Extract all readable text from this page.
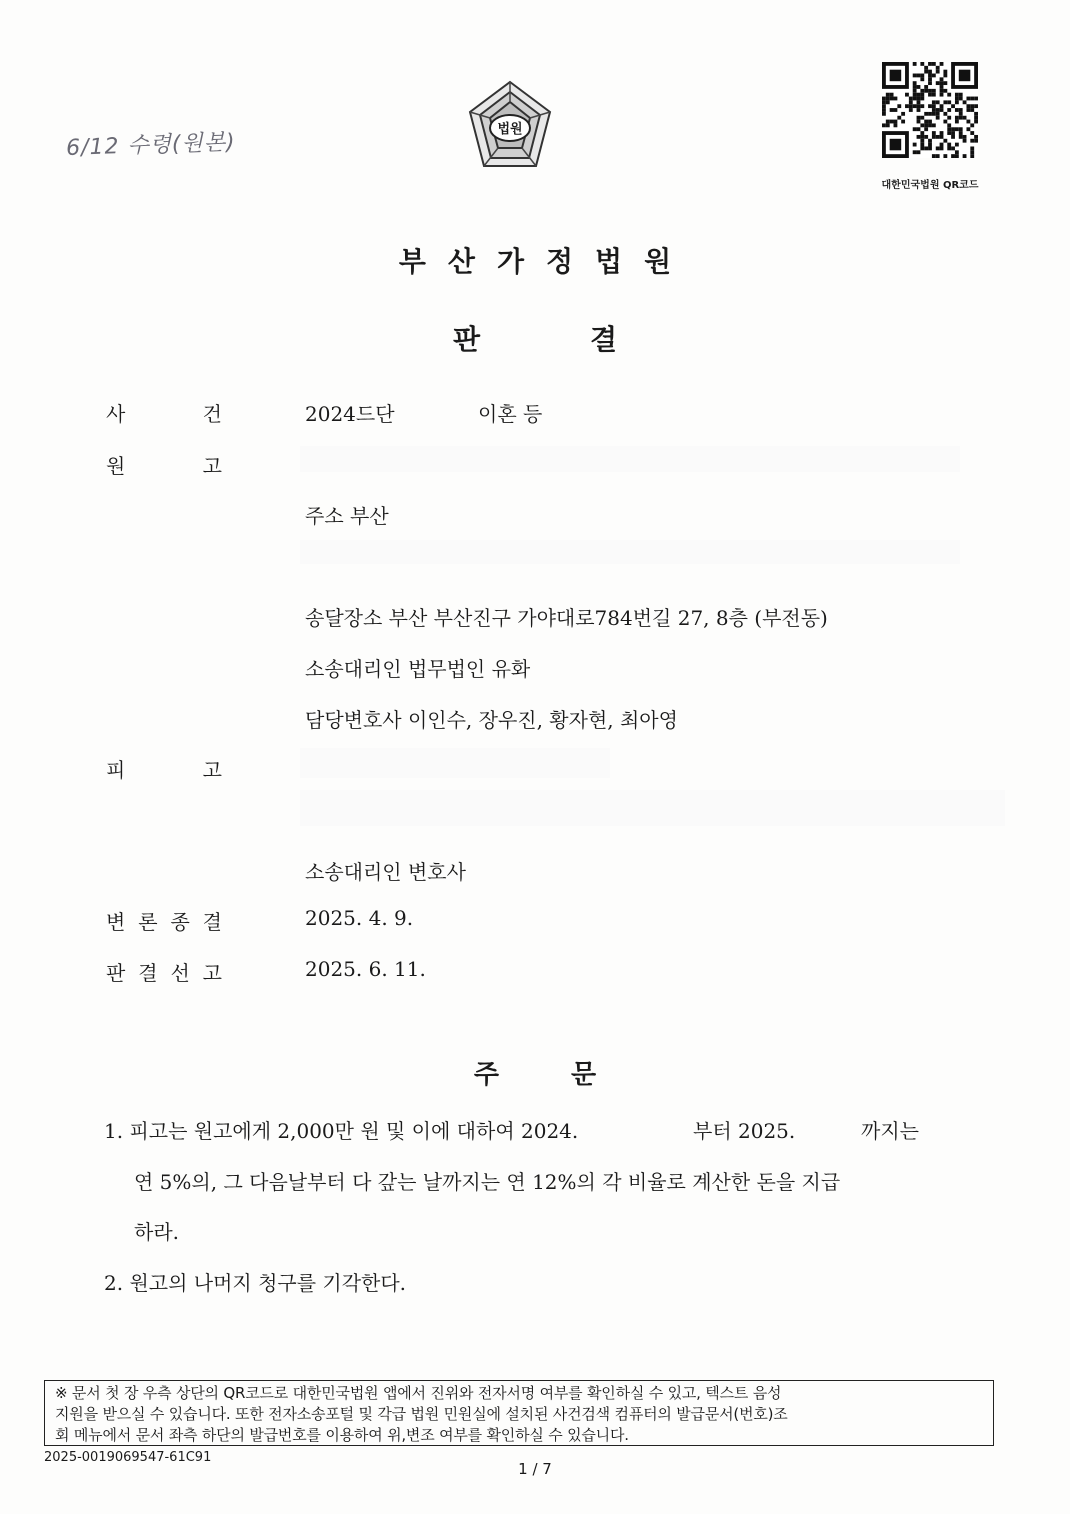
6/12 수령(원본)
법원
대한민국법원 QR코드
부산가정법원
판	결
사	건	2024드단	이혼 등
원	고
주소 부산
송달장소 부산 부산진구 가야대로784번길 27, 8층 (부전동)
소송대리인 법무법인 유화
담당변호사 이인수, 장우진, 황자현, 최아영
피	고
소송대리인 변호사
변 론 종 결	2025. 4. 9.
판 결 선 고	2025. 6. 11.
주	문
1. 피고는 원고에게 2,000만 원 및 이에 대하여 2024.	부터 2025.	까지는
연 5%의, 그 다음날부터 다 갚는 날까지는 연 12%의 각 비율로 계산한 돈을 지급
하라.
2. 원고의 나머지 청구를 기각한다.
※ 문서 첫 장 우측 상단의 QR코드로 대한민국법원 앱에서 진위와 전자서명 여부를 확인하실 수 있고, 텍스트 음성
지원을 받으실 수 있습니다. 또한 전자소송포털 및 각급 법원 민원실에 설치된 사건검색 컴퓨터의 발급문서(번호)조
회 메뉴에서 문서 좌측 하단의 발급번호를 이용하여 위,변조 여부를 확인하실 수 있습니다.
2025-0019069547-61C91
1 / 7
